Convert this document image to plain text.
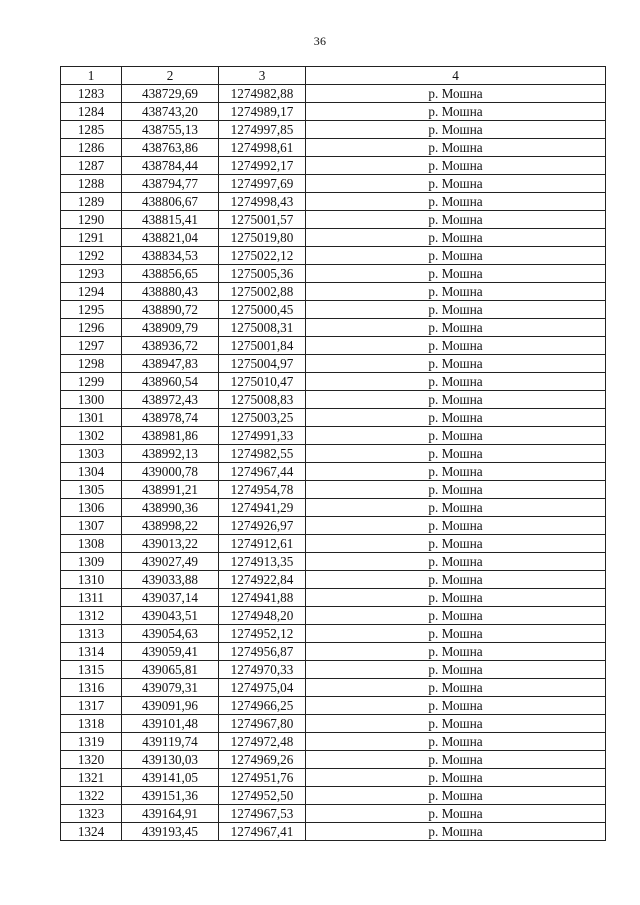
36
1	2	3	4
1283	438729,69	1274982,88	р. Мошна
1284	438743,20	1274989,17	р. Мошна
1285	438755,13	1274997,85	р. Мошна
1286	438763,86	1274998,61	р. Мошна
1287	438784,44	1274992,17	р. Мошна
1288	438794,77	1274997,69	р. Мошна
1289	438806,67	1274998,43	р. Мошна
1290	438815,41	1275001,57	р. Мошна
1291	438821,04	1275019,80	р. Мошна
1292	438834,53	1275022,12	р. Мошна
1293	438856,65	1275005,36	р. Мошна
1294	438880,43	1275002,88	р. Мошна
1295	438890,72	1275000,45	р. Мошна
1296	438909,79	1275008,31	р. Мошна
1297	438936,72	1275001,84	р. Мошна
1298	438947,83	1275004,97	р. Мошна
1299	438960,54	1275010,47	р. Мошна
1300	438972,43	1275008,83	р. Мошна
1301	438978,74	1275003,25	р. Мошна
1302	438981,86	1274991,33	р. Мошна
1303	438992,13	1274982,55	р. Мошна
1304	439000,78	1274967,44	р. Мошна
1305	438991,21	1274954,78	р. Мошна
1306	438990,36	1274941,29	р. Мошна
1307	438998,22	1274926,97	р. Мошна
1308	439013,22	1274912,61	р. Мошна
1309	439027,49	1274913,35	р. Мошна
1310	439033,88	1274922,84	р. Мошна
1311	439037,14	1274941,88	р. Мошна
1312	439043,51	1274948,20	р. Мошна
1313	439054,63	1274952,12	р. Мошна
1314	439059,41	1274956,87	р. Мошна
1315	439065,81	1274970,33	р. Мошна
1316	439079,31	1274975,04	р. Мошна
1317	439091,96	1274966,25	р. Мошна
1318	439101,48	1274967,80	р. Мошна
1319	439119,74	1274972,48	р. Мошна
1320	439130,03	1274969,26	р. Мошна
1321	439141,05	1274951,76	р. Мошна
1322	439151,36	1274952,50	р. Мошна
1323	439164,91	1274967,53	р. Мошна
1324	439193,45	1274967,41	р. Мошна
